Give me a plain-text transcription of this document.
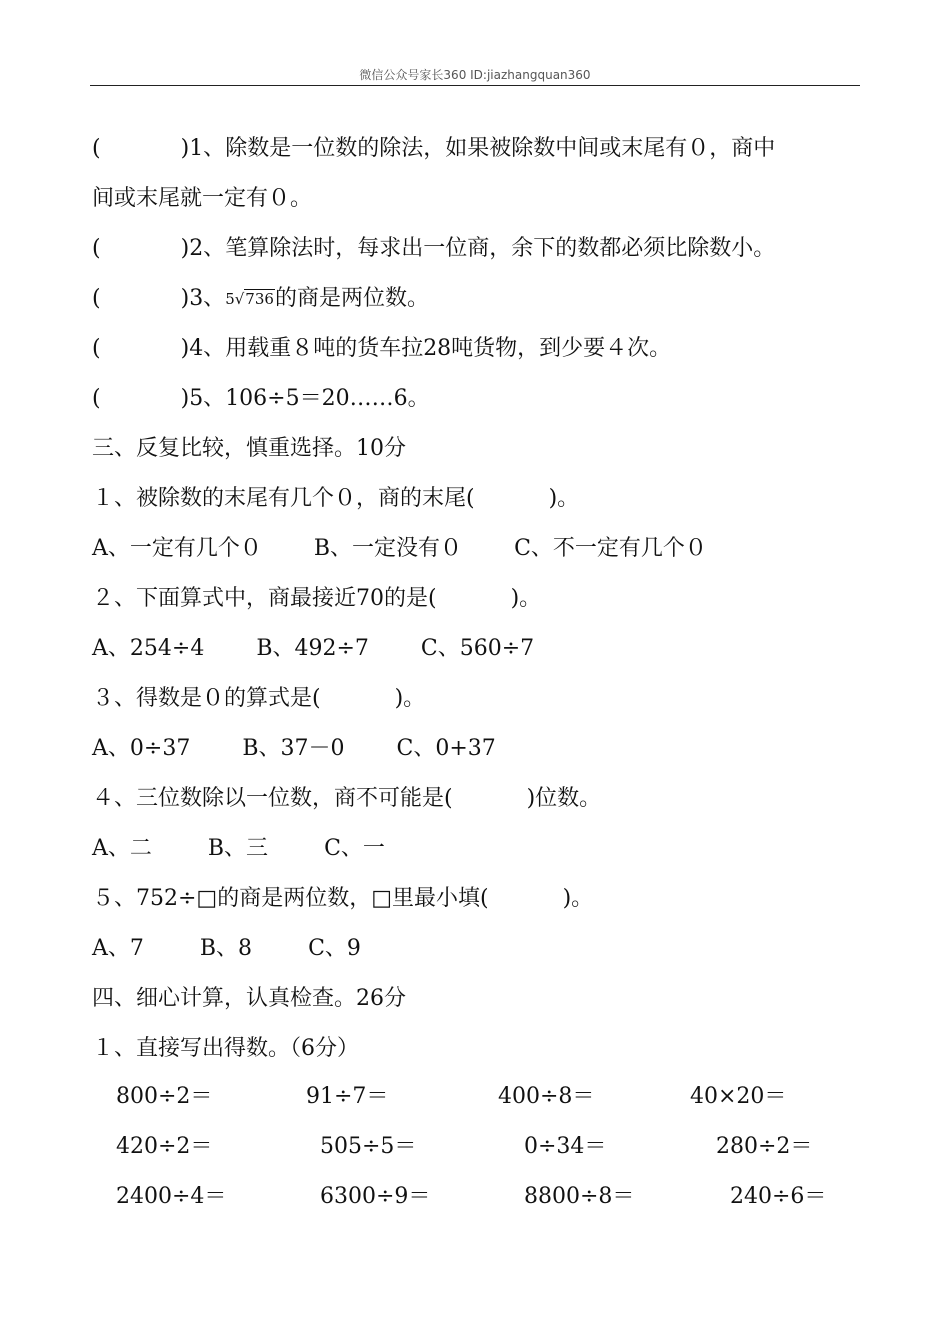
微信公众号家长360 ID:jiazhangquan360
(	)1、除数是一位数的除法，如果被除数中间或末尾有０，商中
间或末尾就一定有０。
(	)2、笔算除法时，每求出一位商，余下的数都必须比除数小。
(	)3、5√736的商是两位数。
(	)4、用载重８吨的货车拉28吨货物，到少要４次。
(	)5、106÷5＝20……6。
三、反复比较，慎重选择。10分
１、被除数的末尾有几个０，商的末尾(	)。
A、一定有几个０ B、一定没有０ C、不一定有几个０
２、下面算式中，商最接近70的是(	)。
A、254÷4 B、492÷7 C、560÷7
３、得数是０的算式是(	)。
A、0÷37 B、37－0 C、0+37
４、三位数除以一位数，商不可能是(	)位数。
A、二	B、三	C、一
５、752÷□的商是两位数，□里最小填(	)。
A、7	B、8	C、9
四、细心计算，认真检查。26分
１、直接写出得数。（6分）
800÷2＝	91÷7＝	400÷8＝	40×20＝
420÷2＝	505÷5＝	0÷34＝	280÷2＝
2400÷4＝	6300÷9＝	8800÷8＝	240÷6＝
